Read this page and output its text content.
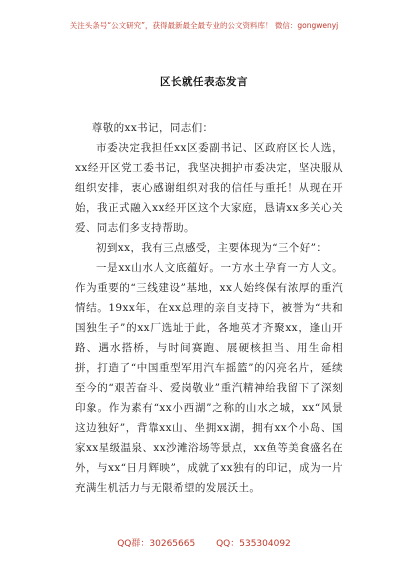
关注头条号“公文研究”，获得最新最全最专业的公文资料库！ 微信：gongwenyj
区长就任表态发言

尊敬的xx书记，同志们：

市委决定我担任xx区委副书记、区政府区长人选，xx经开区党工委书记，我坚决拥护市委决定，坚决服从组织安排，衷心感谢组织对我的信任与重托！从现在开始，我正式融入xx经开区这个大家庭，恳请xx多关心关爱、同志们多支持帮助。

初到xx，我有三点感受，主要体现为“三个好”：

一是xx山水人文底蕴好。一方水土孕育一方人文。作为重要的“三线建设”基地，xx人始终保有浓厚的重汽情结。19xx年，在xx总理的亲自支持下，被誉为“共和国独生子”的xx厂选址于此，各地英才齐聚xx，逢山开路、遇水搭桥，与时间赛跑、展硬核担当、用生命相拼，打造了“中国重型军用汽车摇篮”的闪亮名片，延续至今的“艰苦奋斗、爱岗敬业”重汽精神给我留下了深刻印象。作为素有“xx小西湖”之称的山水之城，xx“风景这边独好”，背靠xx山、坐拥xx湖，拥有xx个小岛、国家xx星级温泉、xx沙滩浴场等景点，xx鱼等美食盛名在外，与xx“日月辉映”，成就了xx独有的印记，成为一片充满生机活力与无限希望的发展沃土。

QQ群：30265665 QQ：535304092
